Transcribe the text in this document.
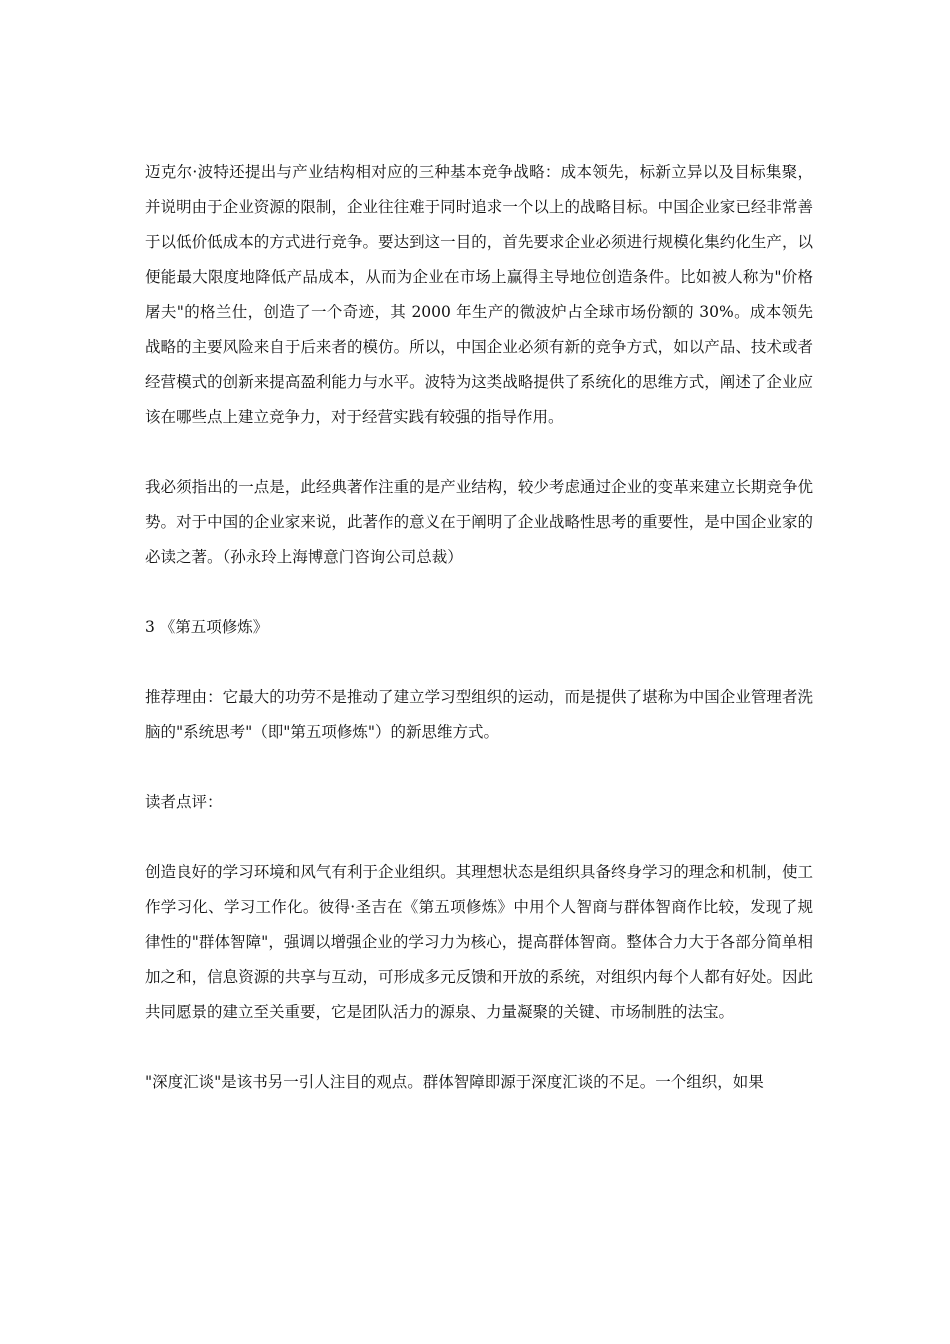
迈克尔·波特还提出与产业结构相对应的三种基本竞争战略：成本领先，标新立异以及目标集聚，并说明由于企业资源的限制，企业往往难于同时追求一个以上的战略目标。中国企业家已经非常善于以低价低成本的方式进行竞争。要达到这一目的，首先要求企业必须进行规模化集约化生产，以便能最大限度地降低产品成本，从而为企业在市场上赢得主导地位创造条件。比如被人称为"价格屠夫"的格兰仕，创造了一个奇迹，其 2000 年生产的微波炉占全球市场份额的 30%。成本领先战略的主要风险来自于后来者的模仿。所以，中国企业必须有新的竞争方式，如以产品、技术或者经营模式的创新来提高盈利能力与水平。波特为这类战略提供了系统化的思维方式，阐述了企业应该在哪些点上建立竞争力，对于经营实践有较强的指导作用。

我必须指出的一点是，此经典著作注重的是产业结构，较少考虑通过企业的变革来建立长期竞争优势。对于中国的企业家来说，此著作的意义在于阐明了企业战略性思考的重要性，是中国企业家的必读之著。（孙永玲上海博意门咨询公司总裁）

3 《第五项修炼》

推荐理由：它最大的功劳不是推动了建立学习型组织的运动，而是提供了堪称为中国企业管理者洗脑的"系统思考"（即"第五项修炼"）的新思维方式。

读者点评：

创造良好的学习环境和风气有利于企业组织。其理想状态是组织具备终身学习的理念和机制，使工作学习化、学习工作化。彼得·圣吉在《第五项修炼》中用个人智商与群体智商作比较，发现了规律性的"群体智障"，强调以增强企业的学习力为核心，提高群体智商。整体合力大于各部分简单相加之和，信息资源的共享与互动，可形成多元反馈和开放的系统，对组织内每个人都有好处。因此共同愿景的建立至关重要，它是团队活力的源泉、力量凝聚的关键、市场制胜的法宝。

"深度汇谈"是该书另一引人注目的观点。群体智障即源于深度汇谈的不足。一个组织，如果
